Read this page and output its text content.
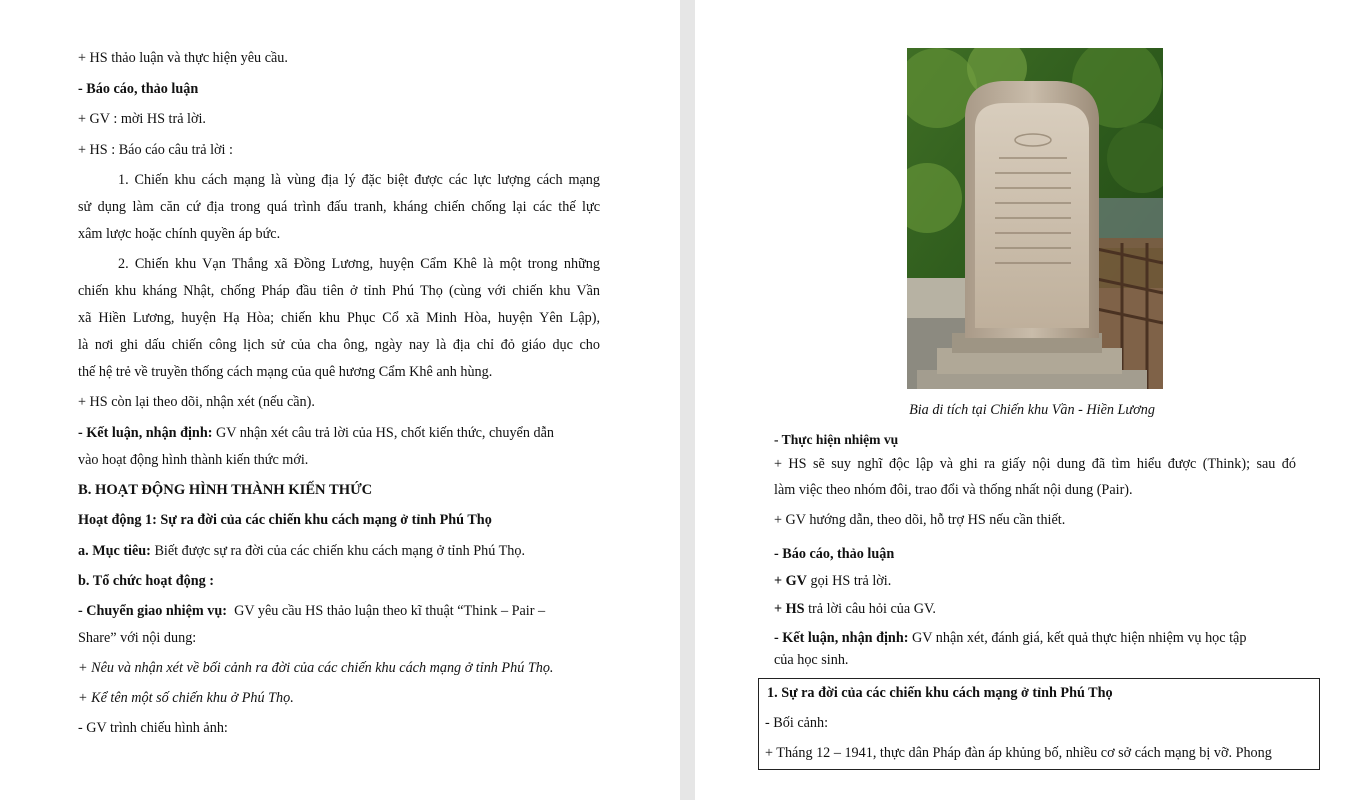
+ HS thảo luận và thực hiện yêu cầu.
- Báo cáo, thảo luận
+ GV : mời HS trả lời.
+ HS : Báo cáo câu trả lời :
1. Chiến khu cách mạng là vùng địa lý đặc biệt được các lực lượng cách mạng
sử dụng làm căn cứ địa trong quá trình đấu tranh, kháng chiến chống lại các thế lực
xâm lược hoặc chính quyền áp bức.
2. Chiến khu Vạn Thắng xã Đồng Lương, huyện Cẩm Khê là một trong những
chiến khu kháng Nhật, chống Pháp đầu tiên ở tỉnh Phú Thọ (cùng với chiến khu Vần
xã Hiền Lương, huyện Hạ Hòa; chiến khu Phục Cổ xã Minh Hòa, huyện Yên Lập),
là nơi ghi dấu chiến công lịch sử của cha ông, ngày nay là địa chỉ đỏ giáo dục cho
thế hệ trẻ về truyền thống cách mạng của quê hương Cẩm Khê anh hùng.
+ HS còn lại theo dõi, nhận xét (nếu cần).
- Kết luận, nhận định: GV nhận xét câu trả lời của HS, chốt kiến thức, chuyển dẫn
vào hoạt động hình thành kiến thức mới.
B. HOẠT ĐỘNG HÌNH THÀNH KIẾN THỨC
Hoạt động 1: Sự ra đời của các chiến khu cách mạng ở tỉnh Phú Thọ
a. Mục tiêu: Biết được sự ra đời của các chiến khu cách mạng ở tỉnh Phú Thọ.
b. Tổ chức hoạt động :
- Chuyển giao nhiệm vụ:  GV yêu cầu HS thảo luận theo kĩ thuật “Think – Pair –
Share” với nội dung:
+ Nêu và nhận xét về bối cảnh ra đời của các chiến khu cách mạng ở tỉnh Phú Thọ.
+ Kể tên một số chiến khu ở Phú Thọ.
- GV trình chiếu hình ảnh:
Bia di tích tại Chiến khu Vần - Hiền Lương
- Thực hiện nhiệm vụ
+ HS sẽ suy nghĩ độc lập và ghi ra giấy nội dung đã tìm hiểu được (Think); sau đó
làm việc theo nhóm đôi, trao đổi và thống nhất nội dung (Pair).
+ GV hướng dẫn, theo dõi, hỗ trợ HS nếu cần thiết.
- Báo cáo, thảo luận
+ GV gọi HS trả lời.
+ HS trả lời câu hỏi của GV.
- Kết luận, nhận định: GV nhận xét, đánh giá, kết quả thực hiện nhiệm vụ học tập
của học sinh.
1. Sự ra đời của các chiến khu cách mạng ở tỉnh Phú Thọ
- Bối cảnh:
+ Tháng 12 – 1941, thực dân Pháp đàn áp khủng bố, nhiều cơ sở cách mạng bị vỡ. Phong
